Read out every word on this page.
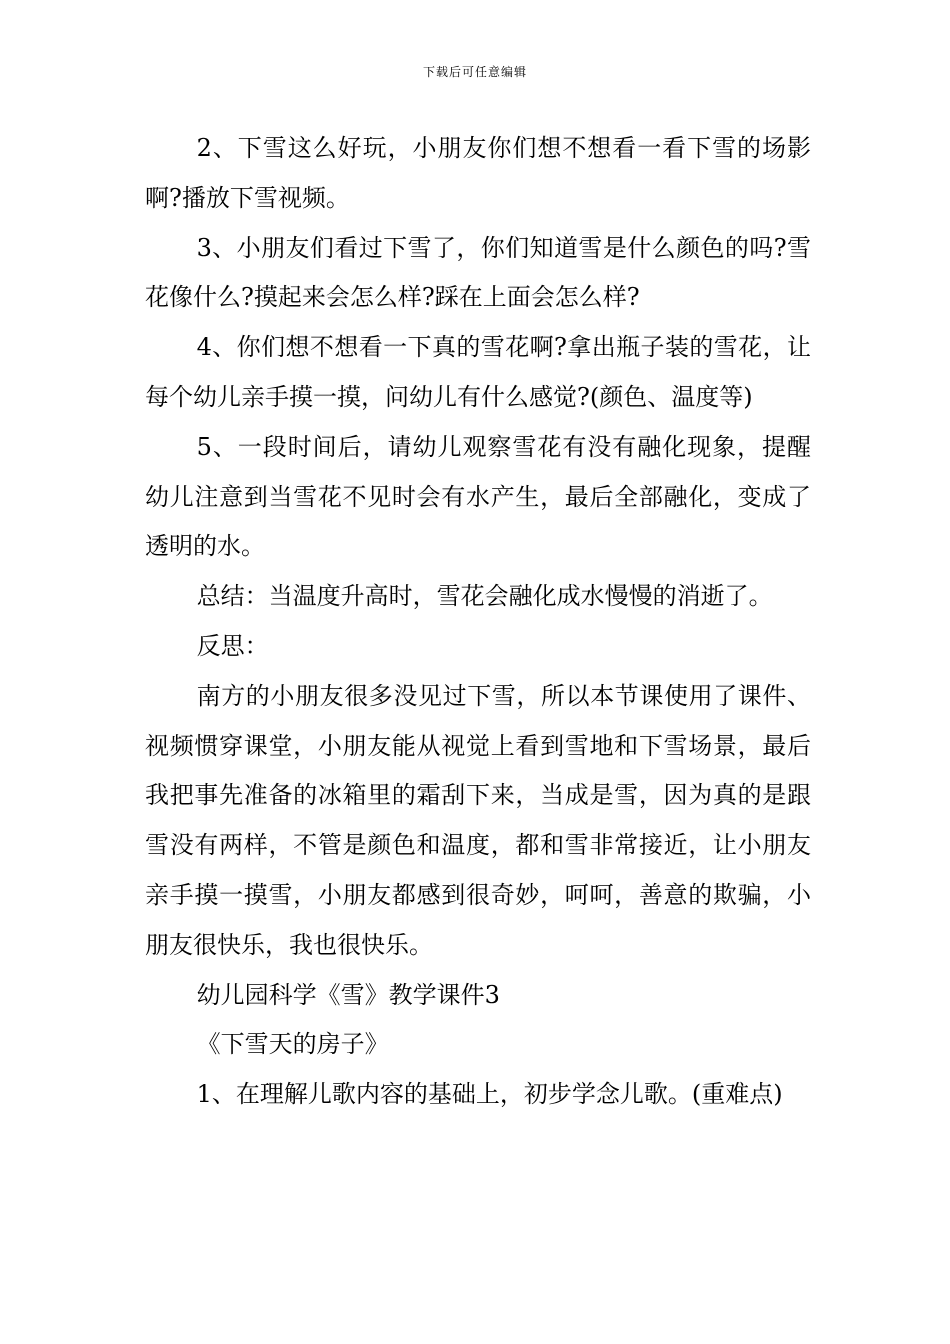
下载后可任意编辑

2、下雪这么好玩，小朋友你们想不想看一看下雪的场影啊?播放下雪视频。

3、小朋友们看过下雪了，你们知道雪是什么颜色的吗?雪花像什么?摸起来会怎么样?踩在上面会怎么样?

4、你们想不想看一下真的雪花啊?拿出瓶子装的雪花，让每个幼儿亲手摸一摸，问幼儿有什么感觉?(颜色、温度等)

5、一段时间后，请幼儿观察雪花有没有融化现象，提醒幼儿注意到当雪花不见时会有水产生，最后全部融化，变成了透明的水。

总结：当温度升高时，雪花会融化成水慢慢的消逝了。

反思：

南方的小朋友很多没见过下雪，所以本节课使用了课件、视频惯穿课堂，小朋友能从视觉上看到雪地和下雪场景，最后我把事先准备的冰箱里的霜刮下来，当成是雪，因为真的是跟雪没有两样，不管是颜色和温度，都和雪非常接近，让小朋友亲手摸一摸雪，小朋友都感到很奇妙，呵呵，善意的欺骗，小朋友很快乐，我也很快乐。

幼儿园科学《雪》教学课件3

《下雪天的房子》

1、在理解儿歌内容的基础上，初步学念儿歌。(重难点)
